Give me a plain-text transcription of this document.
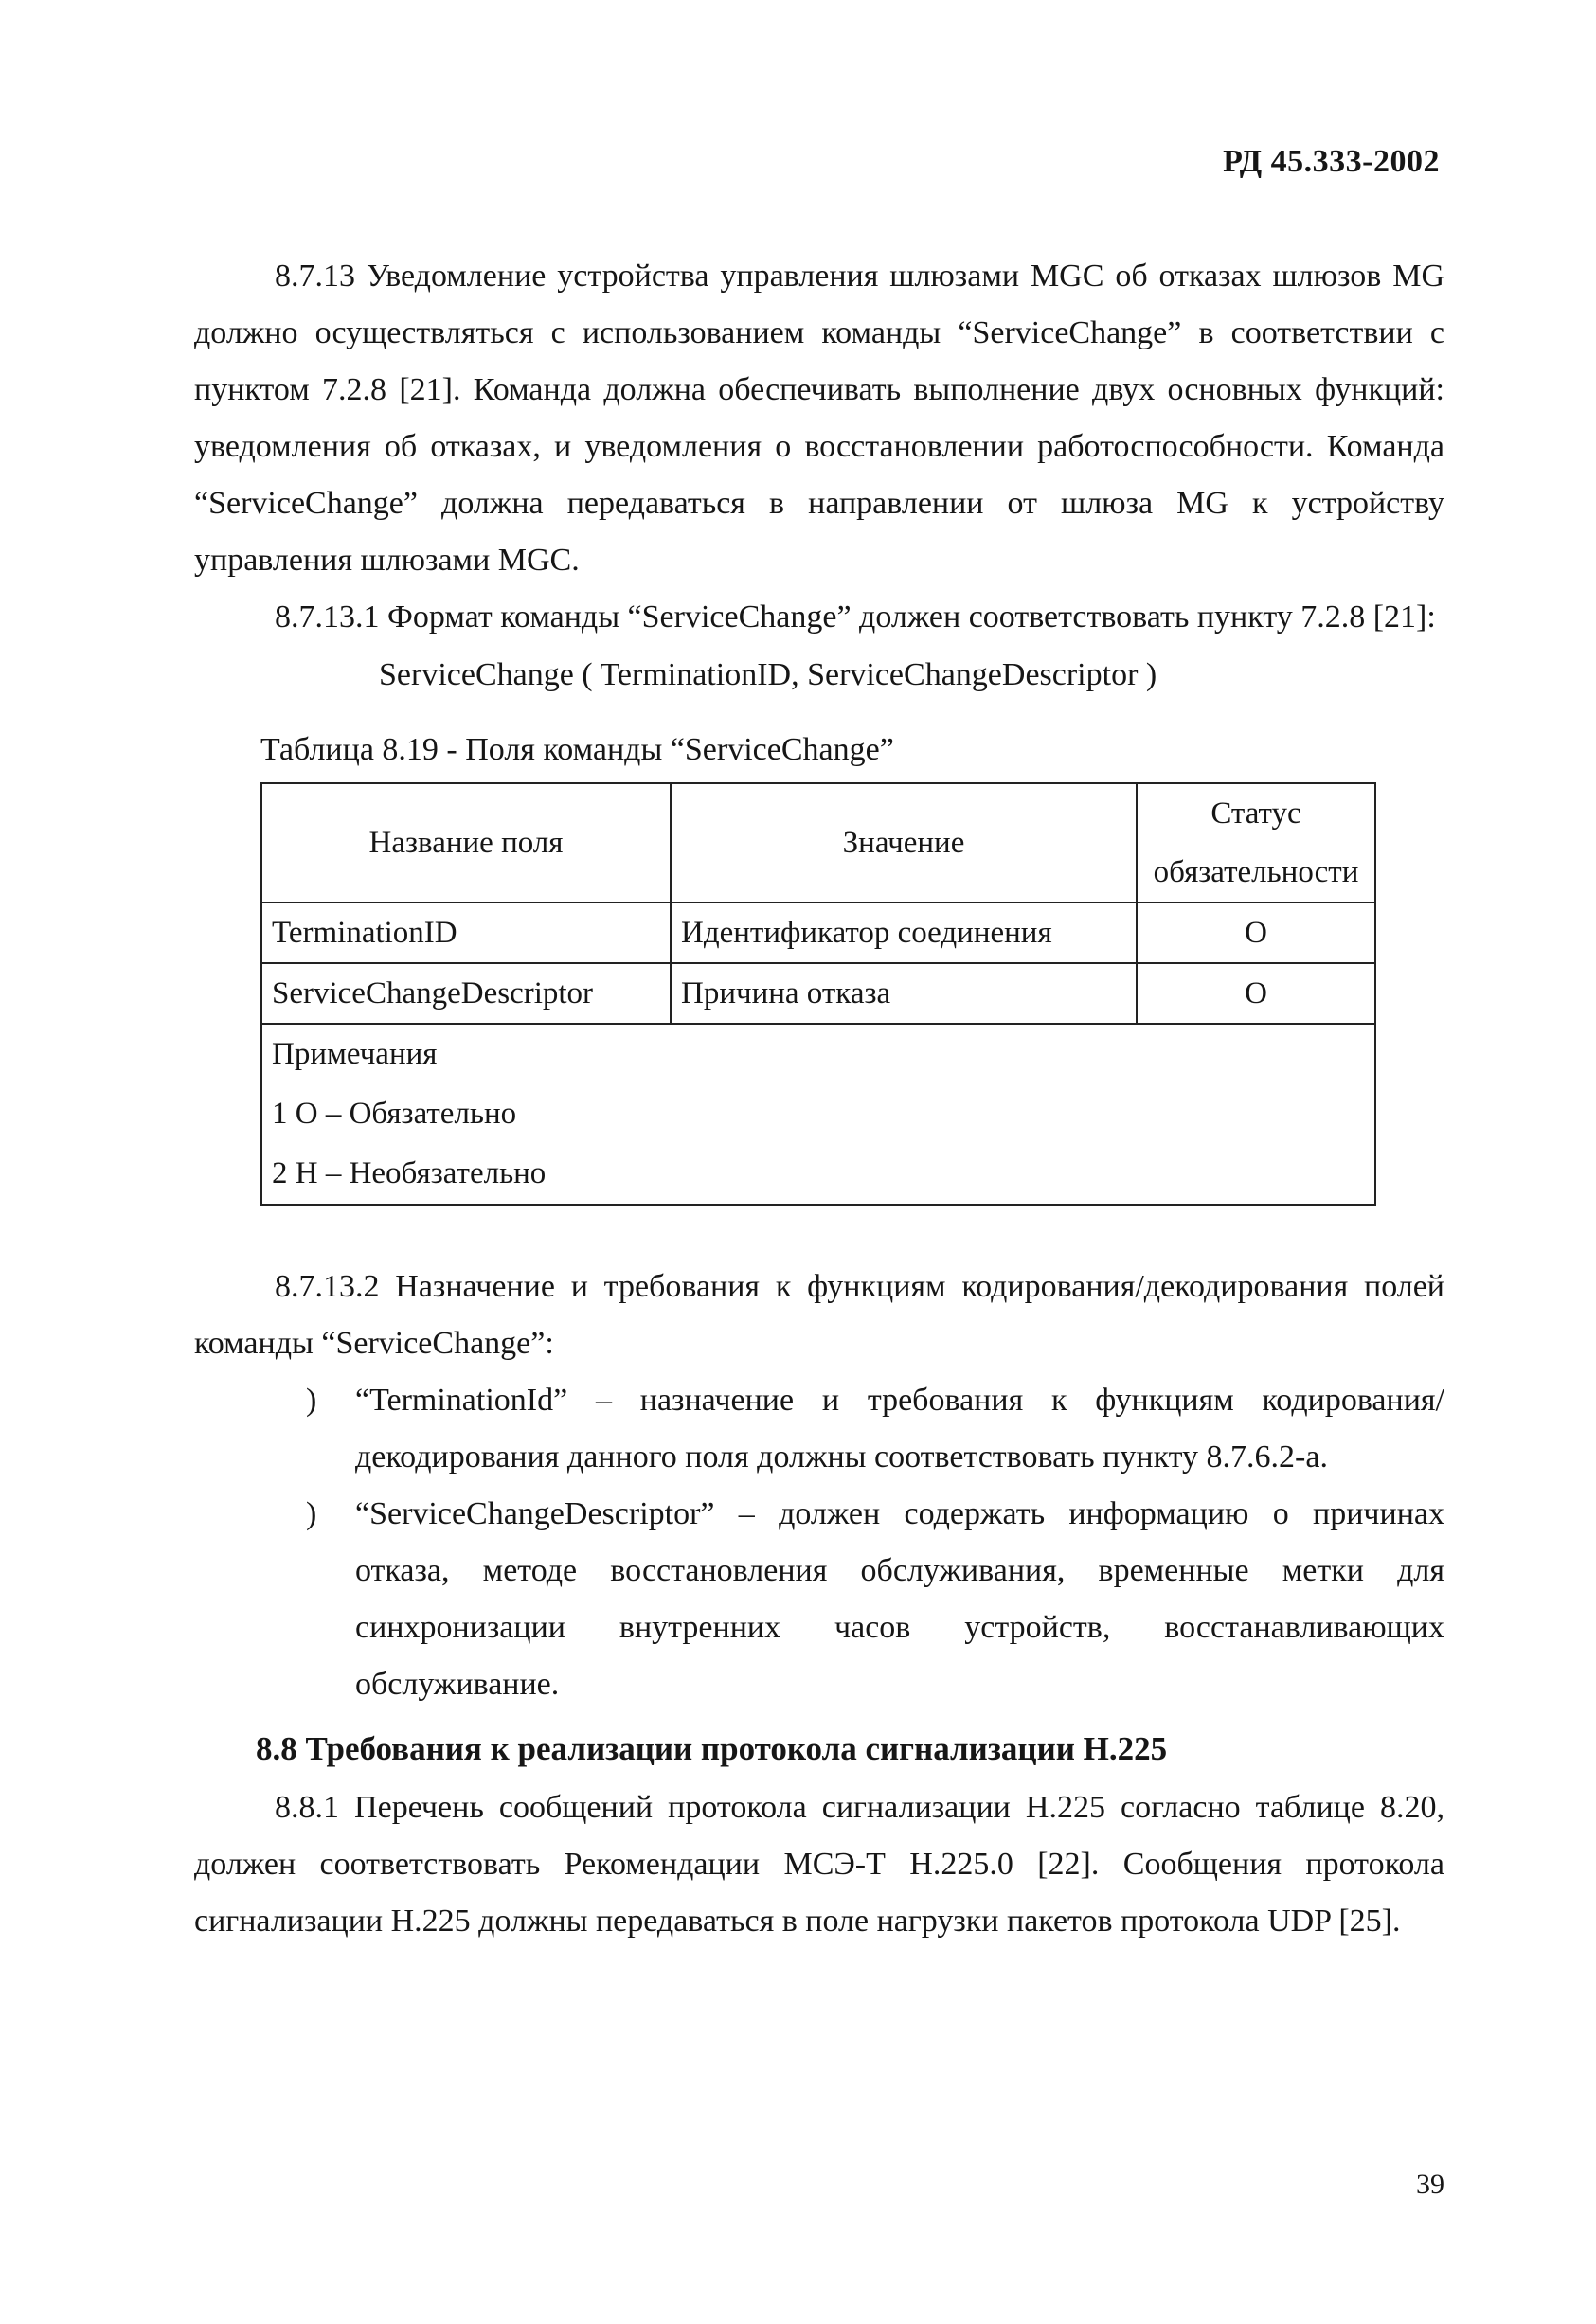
РД 45.333-2002

8.7.13 Уведомление устройства управления шлюзами MGC об отказах шлюзов MG должно осуществляться с использованием команды “ServiceChange” в соответствии с пунктом 7.2.8 [21]. Команда должна обеспечивать выполнение двух основных функций: уведомления об отказах, и уведомления о восстановлении работоспособности. Команда “ServiceChange” должна передаваться в направлении от шлюза MG к устройству управления шлюзами MGC.

8.7.13.1 Формат команды “ServiceChange” должен соответствовать пункту 7.2.8 [21]:

ServiceChange ( TerminationID, ServiceChangeDescriptor )

Таблица 8.19 - Поля команды “ServiceChange”

Название поля	Значение	Статус
обязательности

TerminationID	Идентификатор соединения	О
ServiceChangeDescriptor	Причина отказа	О

Примечания
1 О – Обязательно
2 Н – Необязательно		

8.7.13.2 Назначение и требования к функциям кодирования/декодирования полей команды “ServiceChange”:

) “TerminationId” – назначение и требования к функциям кодирования/декодирования данного поля должны соответствовать пункту 8.7.6.2-а.
) “ServiceChangeDescriptor” – должен содержать информацию о причинах отказа, методе восстановления обслуживания, временные метки для синхронизации внутренних часов устройств, восстанавливающих обслуживание.

8.8 Требования к реализации протокола сигнализации Н.225

8.8.1 Перечень сообщений протокола сигнализации Н.225 согласно таблице 8.20, должен соответствовать Рекомендации МСЭ-Т Н.225.0 [22]. Сообщения протокола сигнализации Н.225 должны передаваться в поле нагрузки пакетов протокола UDP [25].

39
